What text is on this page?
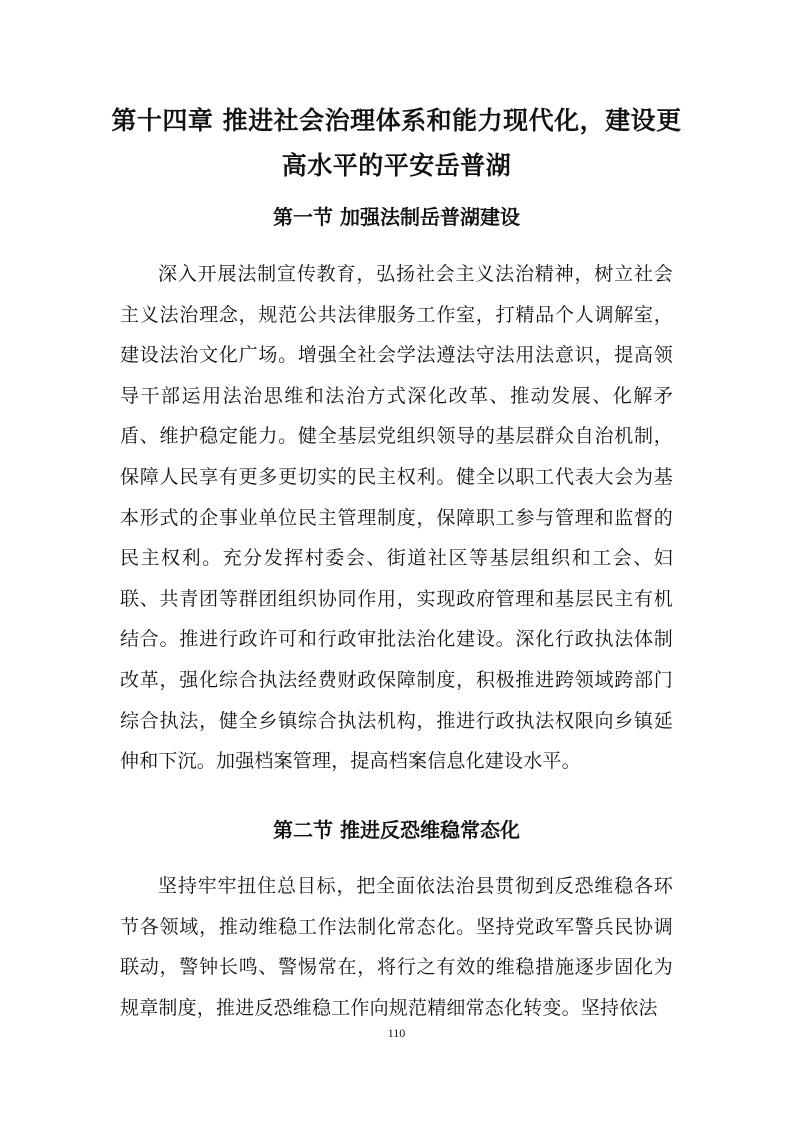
第十四章 推进社会治理体系和能力现代化，建设更高水平的平安岳普湖
第一节 加强法制岳普湖建设

深入开展法制宣传教育，弘扬社会主义法治精神，树立社会主义法治理念，规范公共法律服务工作室，打精品个人调解室，建设法治文化广场。增强全社会学法遵法守法用法意识，提高领导干部运用法治思维和法治方式深化改革、推动发展、化解矛盾、维护稳定能力。健全基层党组织领导的基层群众自治机制，保障人民享有更多更切实的民主权利。健全以职工代表大会为基本形式的企事业单位民主管理制度，保障职工参与管理和监督的民主权利。充分发挥村委会、街道社区等基层组织和工会、妇联、共青团等群团组织协同作用，实现政府管理和基层民主有机结合。推进行政许可和行政审批法治化建设。深化行政执法体制改革，强化综合执法经费财政保障制度，积极推进跨领域跨部门综合执法，健全乡镇综合执法机构，推进行政执法权限向乡镇延伸和下沉。加强档案管理，提高档案信息化建设水平。

第二节 推进反恐维稳常态化

坚持牢牢扭住总目标，把全面依法治县贯彻到反恐维稳各环节各领域，推动维稳工作法制化常态化。坚持党政军警兵民协调联动，警钟长鸣、警惕常在，将行之有效的维稳措施逐步固化为规章制度，推进反恐维稳工作向规范精细常态化转变。坚持依法

110
